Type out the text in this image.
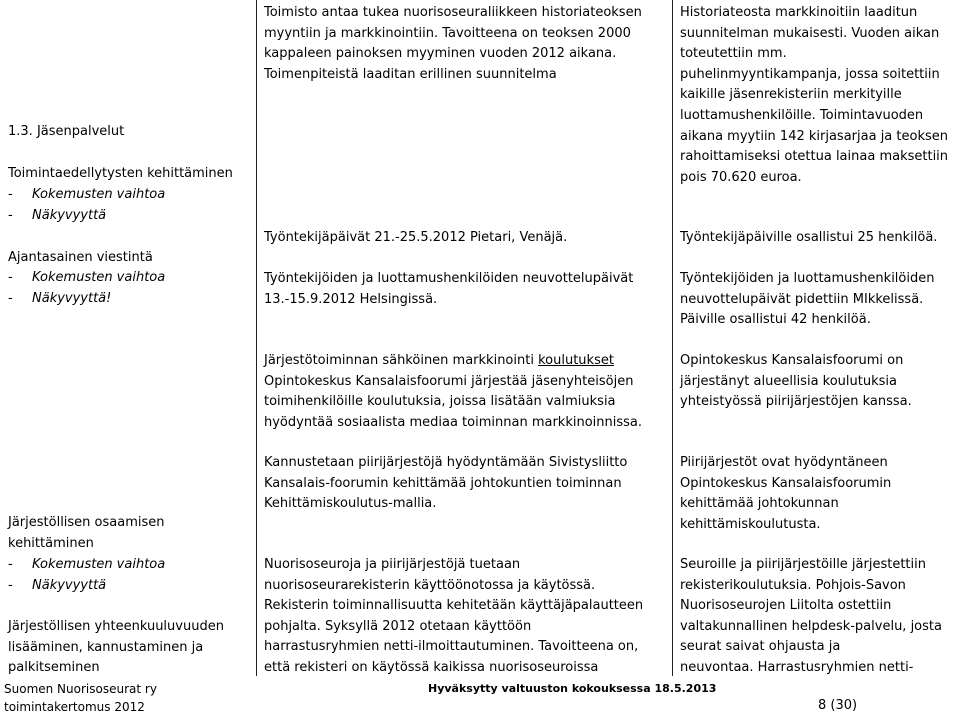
1.3. Jäsenpalvelut

Toimintaedellytysten kehittäminen

- Kokemusten vaihtoa

- Näkyvyyttä

Ajantasainen viestintä

- Kokemusten vaihtoa

- Näkyvyyttä!

Järjestöllisen osaamisen

kehittäminen

- Kokemusten vaihtoa

- Näkyvyyttä

Järjestöllisen yhteenkuuluvuuden

lisääminen, kannustaminen ja

palkitseminen

Toimisto antaa tukea nuorisoseuraliikkeen historiateoksen

myyntiin ja markkinointiin. Tavoitteena on teoksen 2000

kappaleen painoksen myyminen vuoden 2012 aikana.

Toimenpiteistä laaditan erillinen suunnitelma

Työntekijäpäivät 21.-25.5.2012 Pietari, Venäjä.

Työntekijöiden ja luottamushenkilöiden neuvottelupäivät

13.-15.9.2012 Helsingissä.

Järjestötoiminnan sähköinen markkinointi koulutukset

Opintokeskus Kansalaisfoorumi järjestää jäsenyhteisöjen

toimihenkilöille koulutuksia, joissa lisätään valmiuksia

hyödyntää sosiaalista mediaa toiminnan markkinoinnissa.

Kannustetaan piirijärjestöjä hyödyntämään Sivistysliitto

Kansalais-foorumin kehittämää johtokuntien toiminnan

Kehittämiskoulutus-mallia.

Nuorisoseuroja ja piirijärjestöjä tuetaan

nuorisoseurarekisterin käyttöönotossa ja käytössä.

Rekisterin toiminnallisuutta kehitetään käyttäjäpalautteen

pohjalta. Syksyllä 2012 otetaan käyttöön

harrastusryhmien netti-ilmoittautuminen. Tavoitteena on,

että rekisteri on käytössä kaikissa nuorisoseuroissa

Historiateosta markkinoitiin laaditun

suunnitelman mukaisesti. Vuoden aikan

toteutettiin mm.

puhelinmyyntikampanja, jossa soitettiin

kaikille jäsenrekisteriin merkityille

luottamushenkilöille. Toimintavuoden

aikana myytiin 142 kirjasarjaa ja teoksen

rahoittamiseksi otettua lainaa maksettiin

pois 70.620 euroa.

Työntekijäpäiville osallistui 25 henkilöä.

Työntekijöiden ja luottamushenkilöiden

neuvottelupäivät pidettiin MIkkelissä.

Päiville osallistui 42 henkilöä.

Opintokeskus Kansalaisfoorumi on

järjestänyt alueellisia koulutuksia

yhteistyössä piirijärjestöjen kanssa.

Piirijärjestöt ovat hyödyntäneen

Opintokeskus Kansalaisfoorumin

kehittämää johtokunnan

kehittämiskoulutusta.

Seuroille ja piirijärjestöille järjestettiin

rekisterikoulutuksia. Pohjois-Savon

Nuorisoseurojen Liitolta ostettiin

valtakunnallinen helpdesk-palvelu, josta

seurat saivat ohjausta ja

neuvontaa. Harrastusryhmien netti-

Suomen Nuorisoseurat ry
toimintakertomus 2012
Hyväksytty valtuuston kokouksessa 18.5.2013
8 (30)
